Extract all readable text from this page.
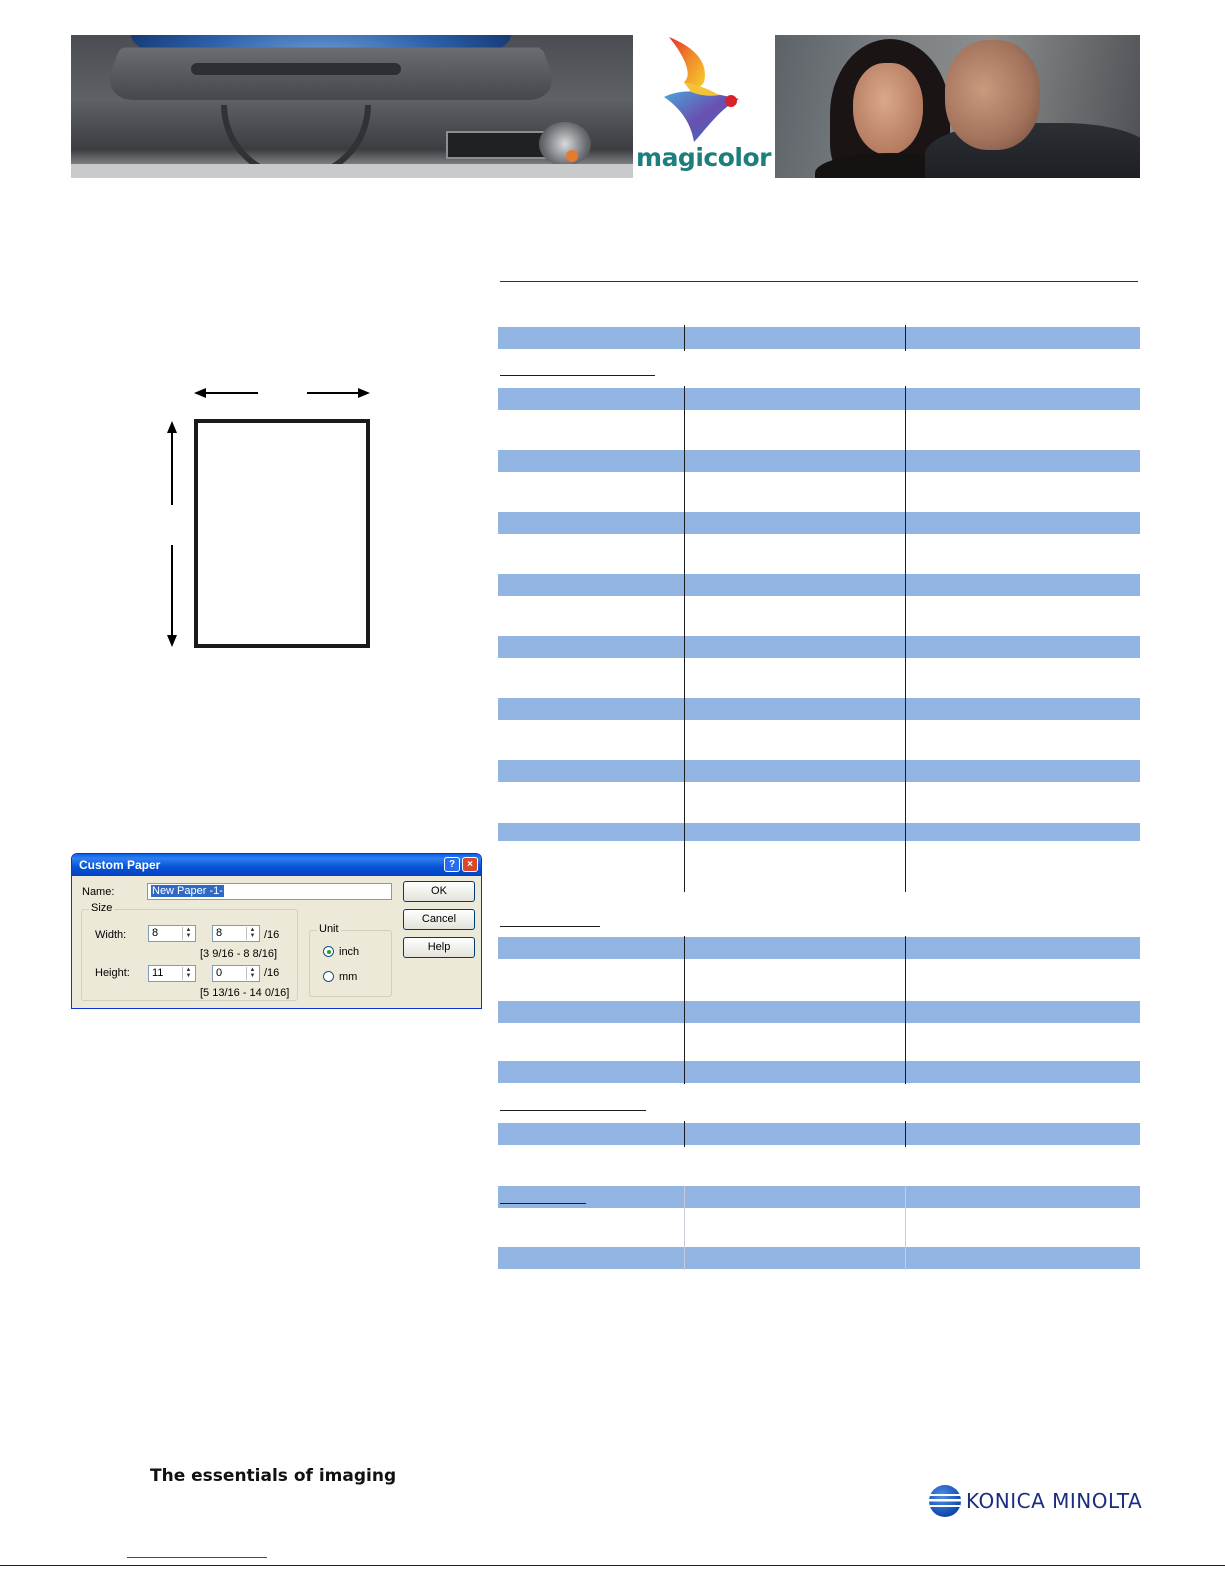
magicolor
Custom Paper	?	×
Name:	New Paper -1-
Size
Width:	8	▲
▼	8	▲
▼ /16
[3 9/16 - 8 8/16]
Height:	11	▲
▼	0	▲
▼ /16
[5 13/16 - 14 0/16]
Unit
inch
mm
OK
Cancel
Help
The essentials of imaging
KONICA MINOLTA
